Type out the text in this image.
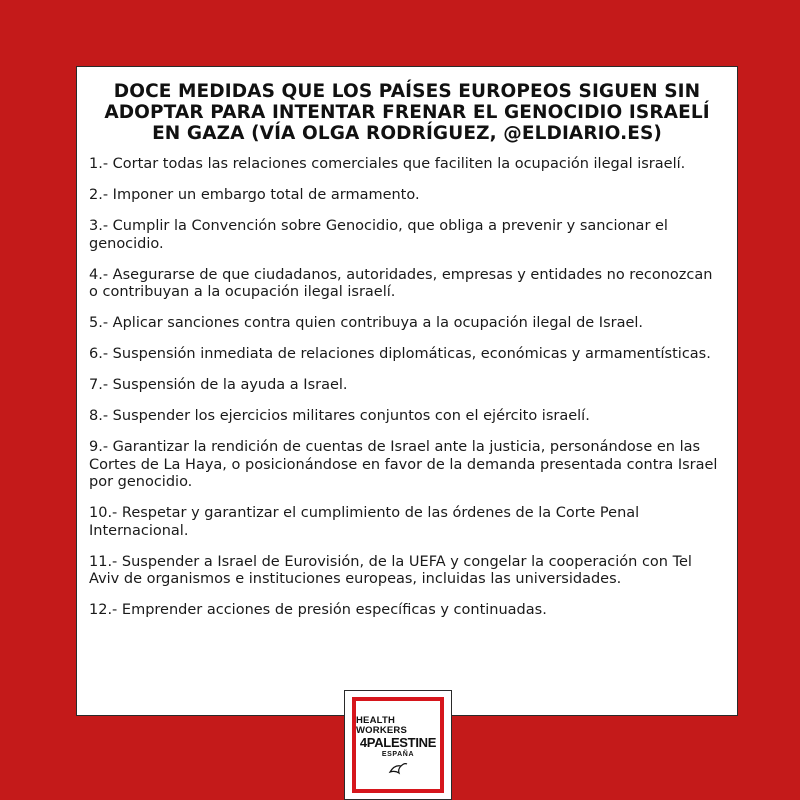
DOCE MEDIDAS QUE LOS PAÍSES EUROPEOS SIGUEN SIN ADOPTAR PARA INTENTAR FRENAR EL GENOCIDIO ISRAELÍ EN GAZA (VÍA OLGA RODRÍGUEZ, @ELDIARIO.ES)
1.- Cortar todas las relaciones comerciales que faciliten la ocupación ilegal israelí.
2.- Imponer un embargo total de armamento.
3.- Cumplir la Convención sobre Genocidio, que obliga a prevenir y sancionar el genocidio.
4.- Asegurarse de que ciudadanos, autoridades, empresas y entidades no reconozcan o contribuyan a la ocupación ilegal israelí.
5.- Aplicar sanciones contra quien contribuya a la ocupación ilegal de Israel.
6.- Suspensión inmediata de relaciones diplomáticas, económicas y armamentísticas.
7.- Suspensión de la ayuda a Israel.
8.- Suspender los ejercicios militares conjuntos con el ejército israelí.
9.- Garantizar la rendición de cuentas de Israel ante la justicia, personándose en las Cortes de La Haya, o posicionándose en favor de la demanda presentada contra Israel por genocidio.
10.- Respetar y garantizar el cumplimiento de las órdenes de la Corte Penal Internacional.
11.- Suspender a Israel de Eurovisión, de la UEFA y congelar la cooperación con Tel Aviv de organismos e instituciones europeas, incluidas las universidades.
12.- Emprender acciones de presión específicas y continuadas.
HEALTH WORKERS
4PALESTINE
ESPAÑA
